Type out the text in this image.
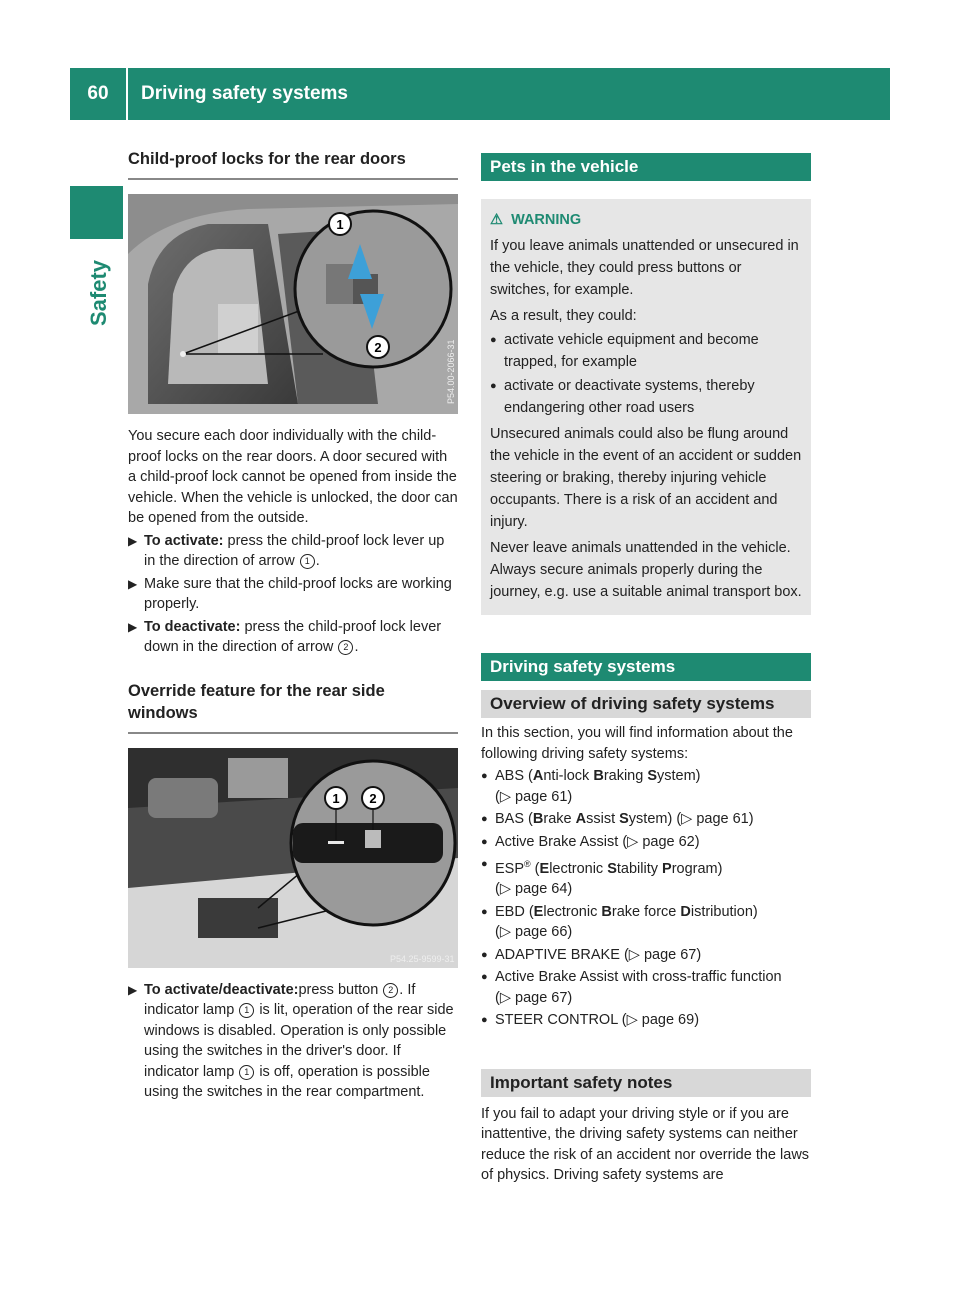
60	Driving safety systems
Safety
Child-proof locks for the rear doors
1
2	P54.00-2066-31

You secure each door individually with the child-proof locks on the rear doors. A door secured with a child-proof lock cannot be opened from inside the vehicle. When the vehicle is unlocked, the door can be opened from the outside.

▶ To activate: press the child-proof lock lever up in the direction of arrow 1 .
▶ Make sure that the child-proof locks are working properly.
▶ To deactivate: press the child-proof lock lever down in the direction of arrow 2 .
Override feature for the rear side windows
1 2
P54.25-9599-31
▶ To activate/deactivate:press button 2 . If indicator lamp 1 is lit, operation of the rear side windows is disabled. Operation is only possible using the switches in the driver's door. If indicator lamp 1 is off, operation is possible using the switches in the rear compartment.
Pets in the vehicle
⚠ WARNING

If you leave animals unattended or unsecured in the vehicle, they could press buttons or switches, for example.

As a result, they could:

● activate vehicle equipment and become trapped, for example
● activate or deactivate systems, thereby endangering other road users

Unsecured animals could also be flung around the vehicle in the event of an accident or sudden steering or braking, thereby injuring vehicle occupants. There is a risk of an accident and injury.

Never leave animals unattended in the vehicle. Always secure animals properly during the journey, e.g. use a suitable animal transport box.

Driving safety systems
Overview of driving safety systems

In this section, you will find information about the following driving safety systems:

● ABS (Anti-lock Braking System)
(▷ page 61)
● BAS (Brake Assist System) (▷ page 61)
● Active Brake Assist (▷ page 62)
● ESP® (Electronic Stability Program)
(▷ page 64)
● EBD (Electronic Brake force Distribution)
(▷ page 66)
● ADAPTIVE BRAKE (▷ page 67)
● Active Brake Assist with cross-traffic function
(▷ page 67)
● STEER CONTROL (▷ page 69)
Important safety notes

If you fail to adapt your driving style or if you are inattentive, the driving safety systems can neither reduce the risk of an accident nor override the laws of physics. Driving safety systems are
